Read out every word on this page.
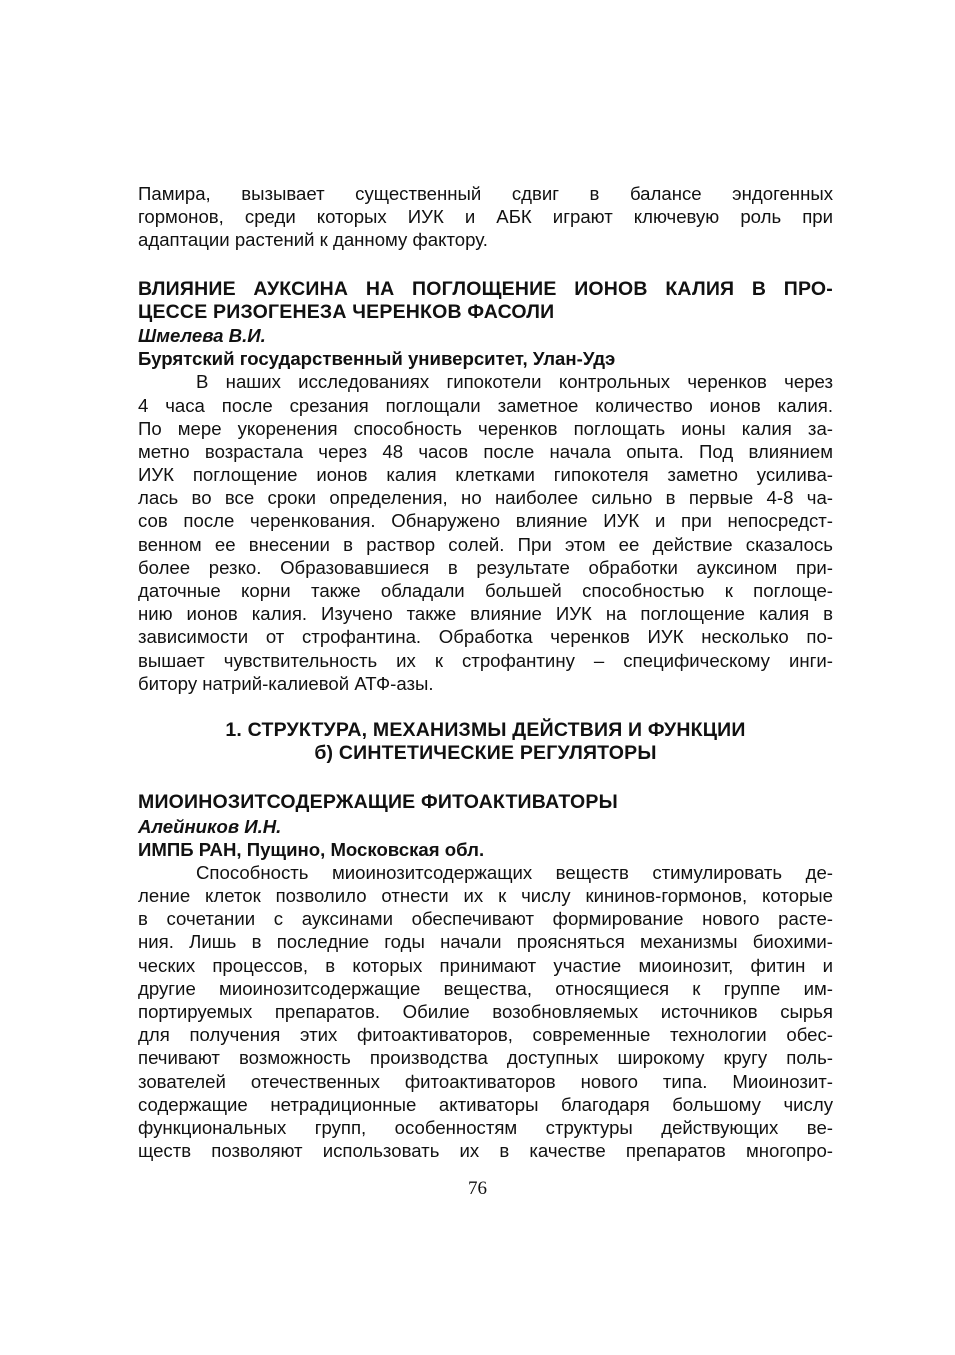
Памира, вызывает существенный сдвиг в балансе эндогенных
гормонов, среди которых ИУК и АБК играют ключевую роль при
адаптации растений к данному фактору.
ВЛИЯНИЕ АУКСИНА НА ПОГЛОЩЕНИЕ ИОНОВ КАЛИЯ В ПРО-
ЦЕССЕ РИЗОГЕНЕЗА ЧЕРЕНКОВ ФАСОЛИ
Шмелева В.И.
Бурятский государственный университет, Улан-Удэ
В наших исследованиях гипокотели контрольных черенков через
4 часа после срезания поглощали заметное количество ионов калия.
По мере укоренения способность черенков поглощать ионы калия за-
метно возрастала через 48 часов после начала опыта. Под влиянием
ИУК поглощение ионов калия клетками гипокотеля заметно усилива-
лась во все сроки определения, но наиболее сильно в первые 4-8 ча-
сов после черенкования. Обнаружено влияние ИУК и при непосредст-
венном ее внесении в раствор солей. При этом ее действие сказалось
более резко. Образовавшиеся в результате обработки ауксином при-
даточные корни также обладали большей способностью к поглоще-
нию ионов калия. Изучено также влияние ИУК на поглощение калия в
зависимости от строфантина. Обработка черенков ИУК несколько по-
вышает чувствительность их к строфантину – специфическому инги-
битору натрий-калиевой АТФ-азы.
1. СТРУКТУРА, МЕХАНИЗМЫ ДЕЙСТВИЯ И ФУНКЦИИ
б) СИНТЕТИЧЕСКИЕ РЕГУЛЯТОРЫ
МИОИНОЗИТСОДЕРЖАЩИЕ ФИТОАКТИВАТОРЫ
Алейников И.Н.
ИМПБ РАН, Пущино, Московская обл.
Способность миоинозитсодержащих веществ стимулировать де-
ление клеток позволило отнести их к числу кининов-гормонов, которые
в сочетании с ауксинами обеспечивают формирование нового расте-
ния. Лишь в последние годы начали проясняться механизмы биохими-
ческих процессов, в которых принимают участие миоинозит, фитин и
другие миоинозитсодержащие вещества, относящиеся к группе им-
портируемых препаратов. Обилие возобновляемых источников сырья
для получения этих фитоактиваторов, современные технологии обес-
печивают возможность производства доступных широкому кругу поль-
зователей отечественных фитоактиваторов нового типа. Миоинозит-
содержащие нетрадиционные активаторы благодаря большому числу
функциональных групп, особенностям структуры действующих ве-
ществ позволяют использовать их в качестве препаратов многопро-
76
